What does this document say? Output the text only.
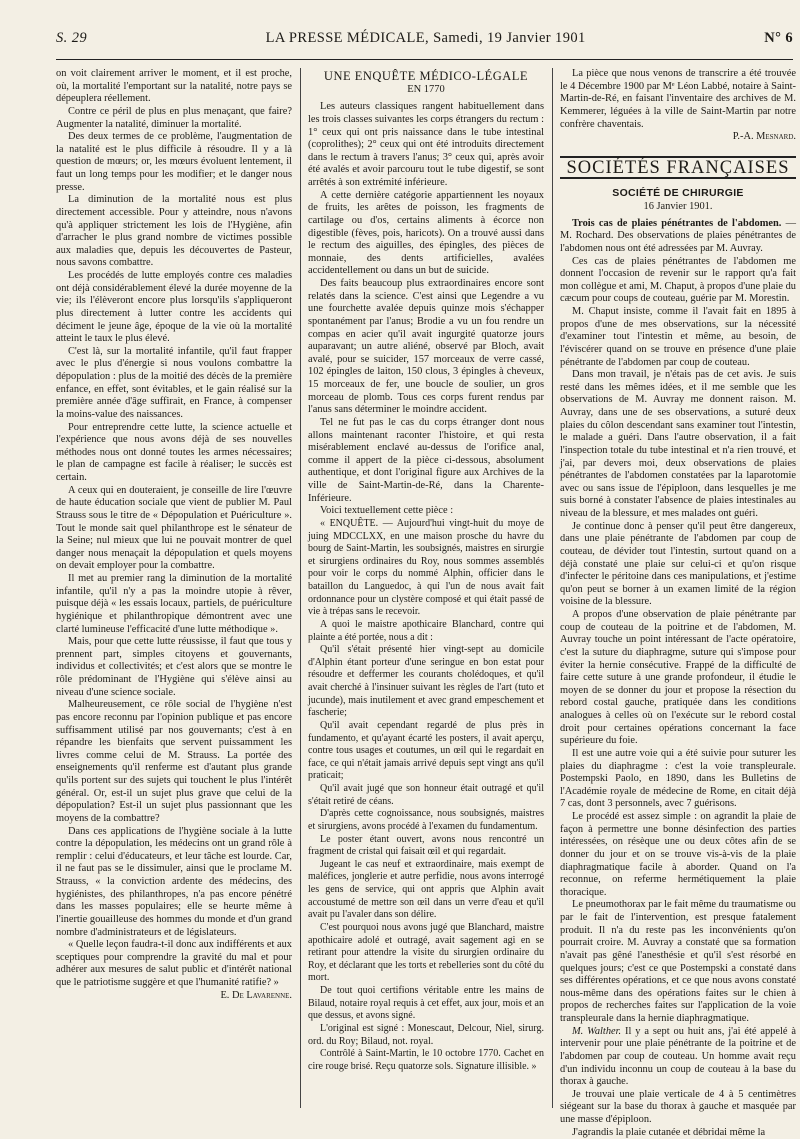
S. 29	LA PRESSE MÉDICALE, Samedi, 19 Janvier 1901	N° 6

on voit clairement arriver le moment, et il est proche, où, la mortalité l'emportant sur la natalité, notre pays se dépeuplera réellement.

Contre ce péril de plus en plus menaçant, que faire? Augmenter la natalité, diminuer la mortalité.

Des deux termes de ce problème, l'augmentation de la natalité est le plus difficile à résoudre. Il y a là question de mœurs; or, les mœurs évoluent lentement, il faut un long temps pour les modifier; et le danger nous presse.

La diminution de la mortalité nous est plus directement accessible. Pour y atteindre, nous n'avons qu'à appliquer strictement les lois de l'Hygiène, afin d'arracher le plus grand nombre de victimes possible aux maladies que, depuis les découvertes de Pasteur, nous savons combattre.

Les procédés de lutte employés contre ces maladies ont déjà considérablement élevé la durée moyenne de la vie; ils l'élèveront encore plus lorsqu'ils s'appliqueront plus directement à lutter contre les accidents qui déciment le jeune âge, époque de la vie où la mortalité atteint le taux le plus élevé.

C'est là, sur la mortalité infantile, qu'il faut frapper avec le plus d'énergie si nous voulons combattre la dépopulation : plus de la moitié des décès de la première enfance, en effet, sont évitables, et le gain réalisé sur la première année d'âge suffirait, en France, à compenser la moins-value des naissances.

Pour entreprendre cette lutte, la science actuelle et l'expérience que nous avons déjà de ses nouvelles méthodes nous ont donné toutes les armes nécessaires; le plan de campagne est facile à réaliser; le succès est certain.

A ceux qui en douteraient, je conseille de lire l'œuvre de haute éducation sociale que vient de publier M. Paul Strauss sous le titre de « Dépopulation et Puériculture ». Tout le monde sait quel philanthrope est le sénateur de la Seine; nul mieux que lui ne pouvait montrer de quel danger nous menaçait la dépopulation et quels moyens on devait employer pour la combattre.

Il met au premier rang la diminution de la mortalité infantile, qu'il n'y a pas la moindre utopie à rêver, puisque déjà « les essais locaux, partiels, de puériculture hygiénique et philanthropique démontrent avec une clarté lumineuse l'efficacité d'une lutte méthodique ».

Mais, pour que cette lutte réussisse, il faut que tous y prennent part, simples citoyens et gouvernants, individus et collectivités; et c'est alors que se montre le rôle prédominant de l'Hygiène qui s'élève ainsi au niveau d'une science sociale.

Malheureusement, ce rôle social de l'hygiène n'est pas encore reconnu par l'opinion publique et pas encore suffisamment utilisé par nos gouvernants; c'est à en répandre les bienfaits que servent puissamment les livres comme celui de M. Strauss. La portée des enseignements qu'il renferme est d'autant plus grande qu'ils portent sur des sujets qui touchent le plus l'intérêt général. Or, est-il un sujet plus grave que celui de la dépopulation? Est-il un sujet plus passionnant que les moyens de la combattre?

Dans ces applications de l'hygiène sociale à la lutte contre la dépopulation, les médecins ont un grand rôle à remplir : celui d'éducateurs, et leur tâche est lourde. Car, il ne faut pas se le dissimuler, ainsi que le proclame M. Strauss, « la conviction ardente des médecins, des hygiénistes, des philanthropes, n'a pas encore pénétré dans les masses populaires; elle se heurte même à l'inertie gouailleuse des hommes du monde et d'un grand nombre d'administrateurs et de législateurs.

« Quelle leçon faudra-t-il donc aux indifférents et aux sceptiques pour comprendre la gravité du mal et pour adhérer aux mesures de salut public et d'intérêt national que le patriotisme suggère et que l'humanité ratifie? »

E. De Lavarenne.

UNE ENQUÊTE MÉDICO-LÉGALE
EN 1770

Les auteurs classiques rangent habituellement dans les trois classes suivantes les corps étrangers du rectum : 1° ceux qui ont pris naissance dans le tube intestinal (coprolithes); 2° ceux qui ont été introduits directement dans le rectum à travers l'anus; 3° ceux qui, après avoir été avalés et avoir parcouru tout le tube digestif, se sont arrêtés à son extrémité inférieure.

A cette dernière catégorie appartiennent les noyaux de fruits, les arêtes de poisson, les fragments de cartilage ou d'os, certains aliments à écorce non digestible (fèves, pois, haricots). On a trouvé aussi dans le rectum des aiguilles, des épingles, des pièces de monnaie, des dents artificielles, avalées accidentellement ou dans un but de suicide.

Des faits beaucoup plus extraordinaires encore sont relatés dans la science. C'est ainsi que Legendre a vu une fourchette avalée depuis quinze mois s'échapper spontanément par l'anus; Brodie a vu un fou rendre un compas en acier qu'il avait ingurgité quatorze jours auparavant; un autre aliéné, observé par Bloch, avait avalé, pour se suicider, 157 morceaux de verre cassé, 102 épingles de laiton, 150 clous, 3 épingles à cheveux, 15 morceaux de fer, une boucle de soulier, un gros morceau de plomb. Tous ces corps furent rendus par l'anus sans déterminer le moindre accident.

Tel ne fut pas le cas du corps étranger dont nous allons maintenant raconter l'histoire, et qui resta misérablement enclavé au-dessus de l'orifice anal, comme il appert de la pièce ci-dessous, absolument authentique, et dont l'original figure aux Archives de la ville de Saint-Martin-de-Ré, dans la Charente-Inférieure.

Voici textuellement cette pièce :

« ENQUÊTE. — Aujourd'hui vingt-huit du moye de juing MDCCLXX, en une maison prosche du havre du bourg de Saint-Martin, les soubsignés, maistres en sirurgie et sirurgiens ordinaires du Roy, nous sommes assemblés pour voir le corps du nommé Alphin, officier dans le bataillon du Languedoc, à qui l'un de nous avait fait ordonnance pour un clystère composé et qui était passé de vie à trépas sans le recevoir.

A quoi le maistre apothicaire Blanchard, contre qui plainte a été portée, nous a dit :

Qu'il s'était présenté hier vingt-sept au domicile d'Alphin étant porteur d'une seringue en bon estat pour résoudre et deffermer les courants cholédoques, et qu'il avait cherché à l'insinuer suivant les règles de l'art (tuto et jucunde), mais inutilement et avec grand empeschement et fascherie;

Qu'il avait cependant regardé de plus près in fundamento, et qu'ayant écarté les posters, il avait aperçu, contre tous usages et coutumes, un œil qui le regardait en face, ce qui n'était jamais arrivé depuis sept vingt ans qu'il praticait;

Qu'il avait jugé que son honneur était outragé et qu'il s'était retiré de céans.

D'après cette cognoissance, nous soubsignés, maistres et sirurgiens, avons procédé à l'examen du fundamentum.

Le poster étant ouvert, avons nous rencontré un fragment de cristal qui faisait œil et qui regardait.

Jugeant le cas neuf et extraordinaire, mais exempt de maléfices, jonglerie et autre perfidie, nous avons interrogé les gens de service, qui ont appris que Alphin avait accoustumé de mettre son œil dans un verre d'eau et qu'il avait pu l'avaler dans son délire.

C'est pourquoi nous avons jugé que Blanchard, maistre apothicaire adolé et outragé, avait sagement agi en se retirant pour attendre la visite du sirurgien ordinaire du Roy, et déclarant que les torts et rebelleries sont du côté du mort.

De tout quoi certifions véritable entre les mains de Bilaud, notaire royal requis à cet effet, aux jour, mois et an que dessus, et avons signé.

L'original est signé : Monescaut, Delcour, Niel, sirurg. ord. du Roy; Bilaud, not. royal.

Contrôlé à Saint-Martin, le 10 octobre 1770. Cachet en cire rouge brisé. Reçu quatorze sols. Signature illisible. »

La pièce que nous venons de transcrire a été trouvée le 4 Décembre 1900 par Mᵉ Léon Labbé, notaire à Saint-Martin-de-Ré, en faisant l'inventaire des archives de M. Kemmerer, léguées à la ville de Saint-Martin par notre confrère chaventais.

P.-A. Mesnard.

SOCIÉTÉS FRANÇAISES
SOCIÉTÉ DE CHIRURGIE
16 Janvier 1901.

Trois cas de plaies pénétrantes de l'abdomen. — M. Rochard. Des observations de plaies pénétrantes de l'abdomen nous ont été adressées par M. Auvray.

Ces cas de plaies pénétrantes de l'abdomen me donnent l'occasion de revenir sur le rapport qu'a fait mon collègue et ami, M. Chaput, à propos d'une plaie du cæcum pour coups de couteau, guérie par M. Morestin.

M. Chaput insiste, comme il l'avait fait en 1895 à propos d'une de mes observations, sur la nécessité d'examiner tout l'intestin et même, au besoin, de l'éviscérer quand on se trouve en présence d'une plaie pénétrante de l'abdomen par coup de couteau.

Dans mon travail, je n'étais pas de cet avis. Je suis resté dans les mêmes idées, et il me semble que les observations de M. Auvray me donnent raison. M. Auvray, dans une de ses observations, a suturé deux plaies du côlon descendant sans examiner tout l'intestin, le malade a guéri. Dans l'autre observation, il a fait l'inspection totale du tube intestinal et n'a rien trouvé, et j'ai, par devers moi, deux observations de plaies pénétrantes de l'abdomen constatées par la laparotomie avec ou sans issue de l'épiploon, dans lesquelles je me suis borné à constater l'absence de plaies intestinales au niveau de la blessure, et mes malades ont guéri.

Je continue donc à penser qu'il peut être dangereux, dans une plaie pénétrante de l'abdomen par coup de couteau, de dévider tout l'intestin, surtout quand on a déjà constaté une plaie sur celui-ci et qu'on risque d'infecter le péritoine dans ces manipulations, et j'estime qu'on peut se borner à un examen limité de la région voisine de la blessure.

A propos d'une observation de plaie pénétrante par coup de couteau de la poitrine et de l'abdomen, M. Auvray touche un point intéressant de l'acte opératoire, c'est la suture du diaphragme, suture qui s'impose pour éviter la hernie consécutive. Frappé de la difficulté de faire cette suture à une grande profondeur, il étudie le moyen de se donner du jour et propose la résection du rebord costal gauche, pratiquée dans les conditions analogues à celles où on l'exécute sur le rebord costal droit pour certaines opérations concernant la face supérieure du foie.

Il est une autre voie qui a été suivie pour suturer les plaies du diaphragme : c'est la voie transpleurale. Postempski Paolo, en 1890, dans les Bulletins de l'Académie royale de médecine de Rome, en citait déjà 7 cas, dont 3 personnels, avec 7 guérisons.

Le procédé est assez simple : on agrandit la plaie de façon à permettre une bonne désinfection des parties intéressées, on résèque une ou deux côtes afin de se donner du jour et on se trouve vis-à-vis de la plaie diaphragmatique facile à aborder. Quand on l'a reconnue, on referme hermétiquement la plaie thoracique.

Le pneumothorax par le fait même du traumatisme ou par le fait de l'intervention, est presque fatalement produit. Il n'a du reste pas les inconvénients qu'on pourrait croire. M. Auvray a constaté que sa formation n'avait pas gêné l'anesthésie et qu'il s'est résorbé en quelques jours; c'est ce que Postempski a constaté dans ses différentes opérations, et ce que nous avons constaté nous-même dans des opérations faites sur le chien à propos de recherches faites sur l'application de la voie transpleurale dans la hernie diaphragmatique.

M. Walther. Il y a sept ou huit ans, j'ai été appelé à intervenir pour une plaie pénétrante de la poitrine et de l'abdomen par coup de couteau. Un homme avait reçu d'un individu inconnu un coup de couteau à la base du thorax à gauche.

Je trouvai une plaie verticale de 4 à 5 centimètres siégeant sur la base du thorax à gauche et masquée par une masse d'épiploon.

J'agrandis la plaie cutanée et débridai même la
